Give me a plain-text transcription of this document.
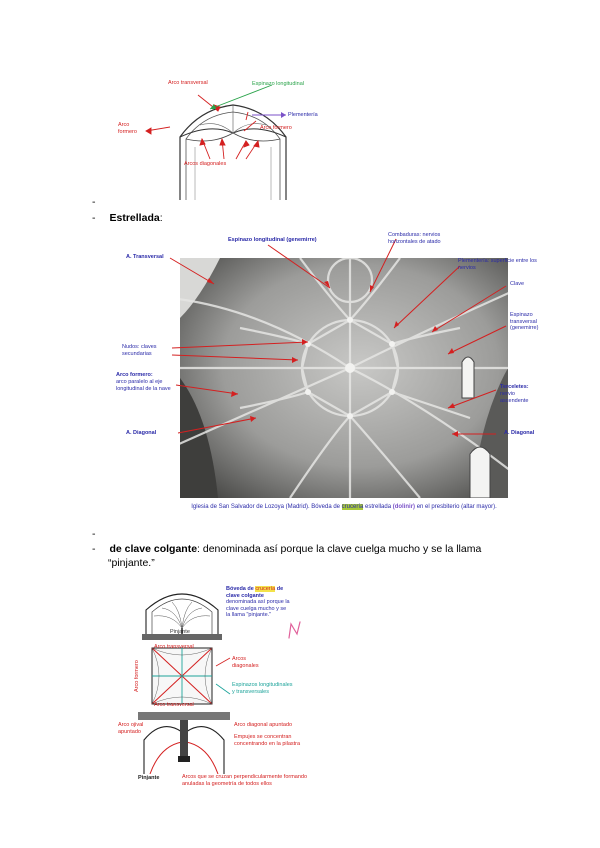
Arco transversal	Espinazo longitudinal
Plementería
Arco formero
Arco formero
Arcos diagonales
-
- Estrellada:
Espinazo longitudinal (genemirre)
Combaduras: nervios horizontales de atado
A. Transversal
Plementería: superficie entre los nervios
Clave
Espinazo transversal (genemirre)
Nudos: claves secundarias
Arco formero:
arco paralelo al eje longitudinal de la nave	Terceletes:
nervio ascendente
A. Diagonal	A. Diagonal
Iglesia de San Salvador de Lozoya (Madrid). Bóveda de crucería estrellada (dolinir) en el presbiterio (altar mayor).
-
- de clave colgante: denominada así porque la clave cuelga mucho y se la llama
“pinjante.”
Pinjante
Bóveda de crucería de clave colgante denominada así porque la clave cuelga mucho y se la llama "pinjante."
Arco transversal
Arcos diagonales
Arco formero	Espinazos longitudinales y transversales
Arco transversal
Arco ojival apuntado
Arco diagonal apuntado
Empujes se concentran
concentrando en la pilastra
Pinjante	Arcos que se cruzan perpendicularmente formando
anuladas la geometría de todos ellos
